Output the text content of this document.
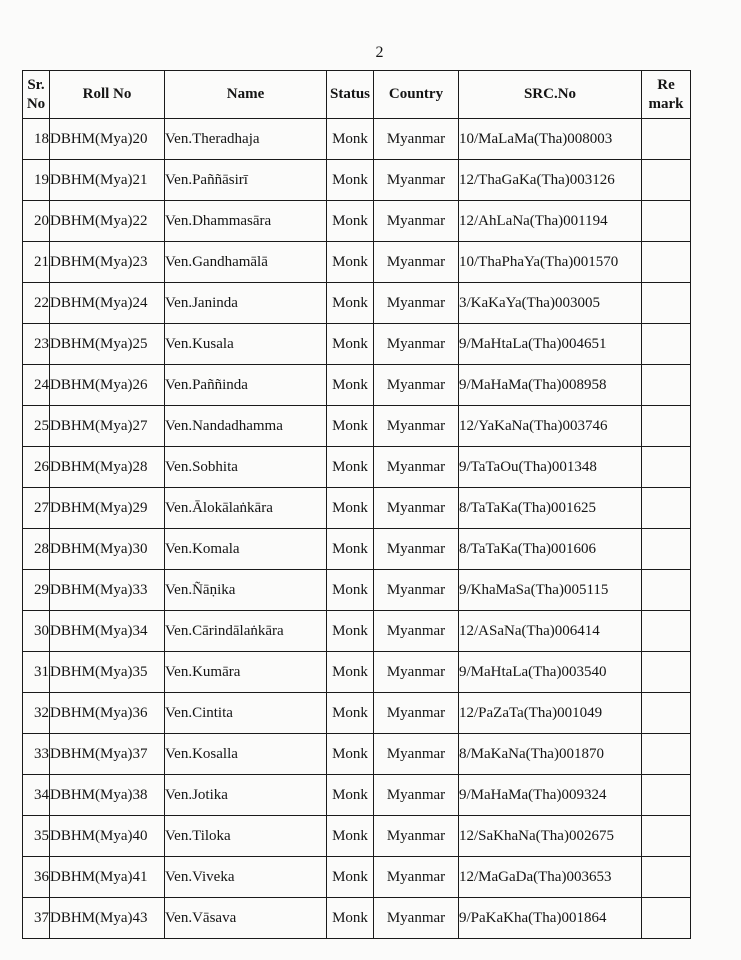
2
Sr.
No	Roll No	Name	Status	Country	SRC.No	Re
mark

18	DBHM(Mya)20	Ven.Theradhaja	Monk	Myanmar	10/MaLaMa(Tha)008003	
19	DBHM(Mya)21	Ven.Paññāsirī	Monk	Myanmar	12/ThaGaKa(Tha)003126	
20	DBHM(Mya)22	Ven.Dhammasāra	Monk	Myanmar	12/AhLaNa(Tha)001194	
21	DBHM(Mya)23	Ven.Gandhamālā	Monk	Myanmar	10/ThaPhaYa(Tha)001570	
22	DBHM(Mya)24	Ven.Janinda	Monk	Myanmar	3/KaKaYa(Tha)003005	
23	DBHM(Mya)25	Ven.Kusala	Monk	Myanmar	9/MaHtaLa(Tha)004651	
24	DBHM(Mya)26	Ven.Paññinda	Monk	Myanmar	9/MaHaMa(Tha)008958	
25	DBHM(Mya)27	Ven.Nandadhamma	Monk	Myanmar	12/YaKaNa(Tha)003746	
26	DBHM(Mya)28	Ven.Sobhita	Monk	Myanmar	9/TaTaOu(Tha)001348	
27	DBHM(Mya)29	Ven.Ālokālaṅkāra	Monk	Myanmar	8/TaTaKa(Tha)001625	
28	DBHM(Mya)30	Ven.Komala	Monk	Myanmar	8/TaTaKa(Tha)001606	
29	DBHM(Mya)33	Ven.Ñāṇika	Monk	Myanmar	9/KhaMaSa(Tha)005115	
30	DBHM(Mya)34	Ven.Cārindālaṅkāra	Monk	Myanmar	12/ASaNa(Tha)006414	
31	DBHM(Mya)35	Ven.Kumāra	Monk	Myanmar	9/MaHtaLa(Tha)003540	
32	DBHM(Mya)36	Ven.Cintita	Monk	Myanmar	12/PaZaTa(Tha)001049	
33	DBHM(Mya)37	Ven.Kosalla	Monk	Myanmar	8/MaKaNa(Tha)001870	
34	DBHM(Mya)38	Ven.Jotika	Monk	Myanmar	9/MaHaMa(Tha)009324	
35	DBHM(Mya)40	Ven.Tiloka	Monk	Myanmar	12/SaKhaNa(Tha)002675	
36	DBHM(Mya)41	Ven.Viveka	Monk	Myanmar	12/MaGaDa(Tha)003653	
37	DBHM(Mya)43	Ven.Vāsava	Monk	Myanmar	9/PaKaKha(Tha)001864	
